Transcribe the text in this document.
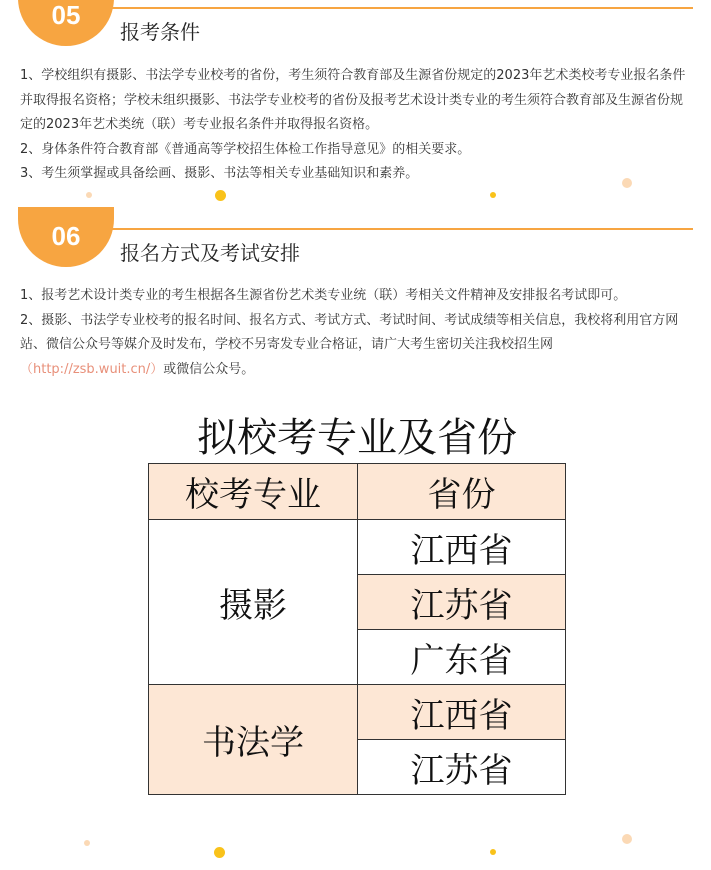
05
报考条件

1、学校组织有摄影、书法学专业校考的省份，考生须符合教育部及生源省份规定的2023年艺术类校考专业报名条件并取得报名资格；学校未组织摄影、书法学专业校考的省份及报考艺术设计类专业的考生须符合教育部及生源省份规定的2023年艺术类统（联）考专业报名条件并取得报名资格。

2、身体条件符合教育部《普通高等学校招生体检工作指导意见》的相关要求。

3、考生须掌握或具备绘画、摄影、书法等相关专业基础知识和素养。

06
报名方式及考试安排

1、报考艺术设计类专业的考生根据各生源省份艺术类专业统（联）考相关文件精神及安排报名考试即可。

2、摄影、书法学专业校考的报名时间、报名方式、考试方式、考试时间、考试成绩等相关信息，我校将利用官方网站、微信公众号等媒介及时发布，学校不另寄发专业合格证，请广大考生密切关注我校招生网（http://zsb.wuit.cn/）或微信公众号。

拟校考专业及省份	
校考专业	省份
摄影	江西省
	江苏省
	广东省
书法学	江西省
	江苏省
